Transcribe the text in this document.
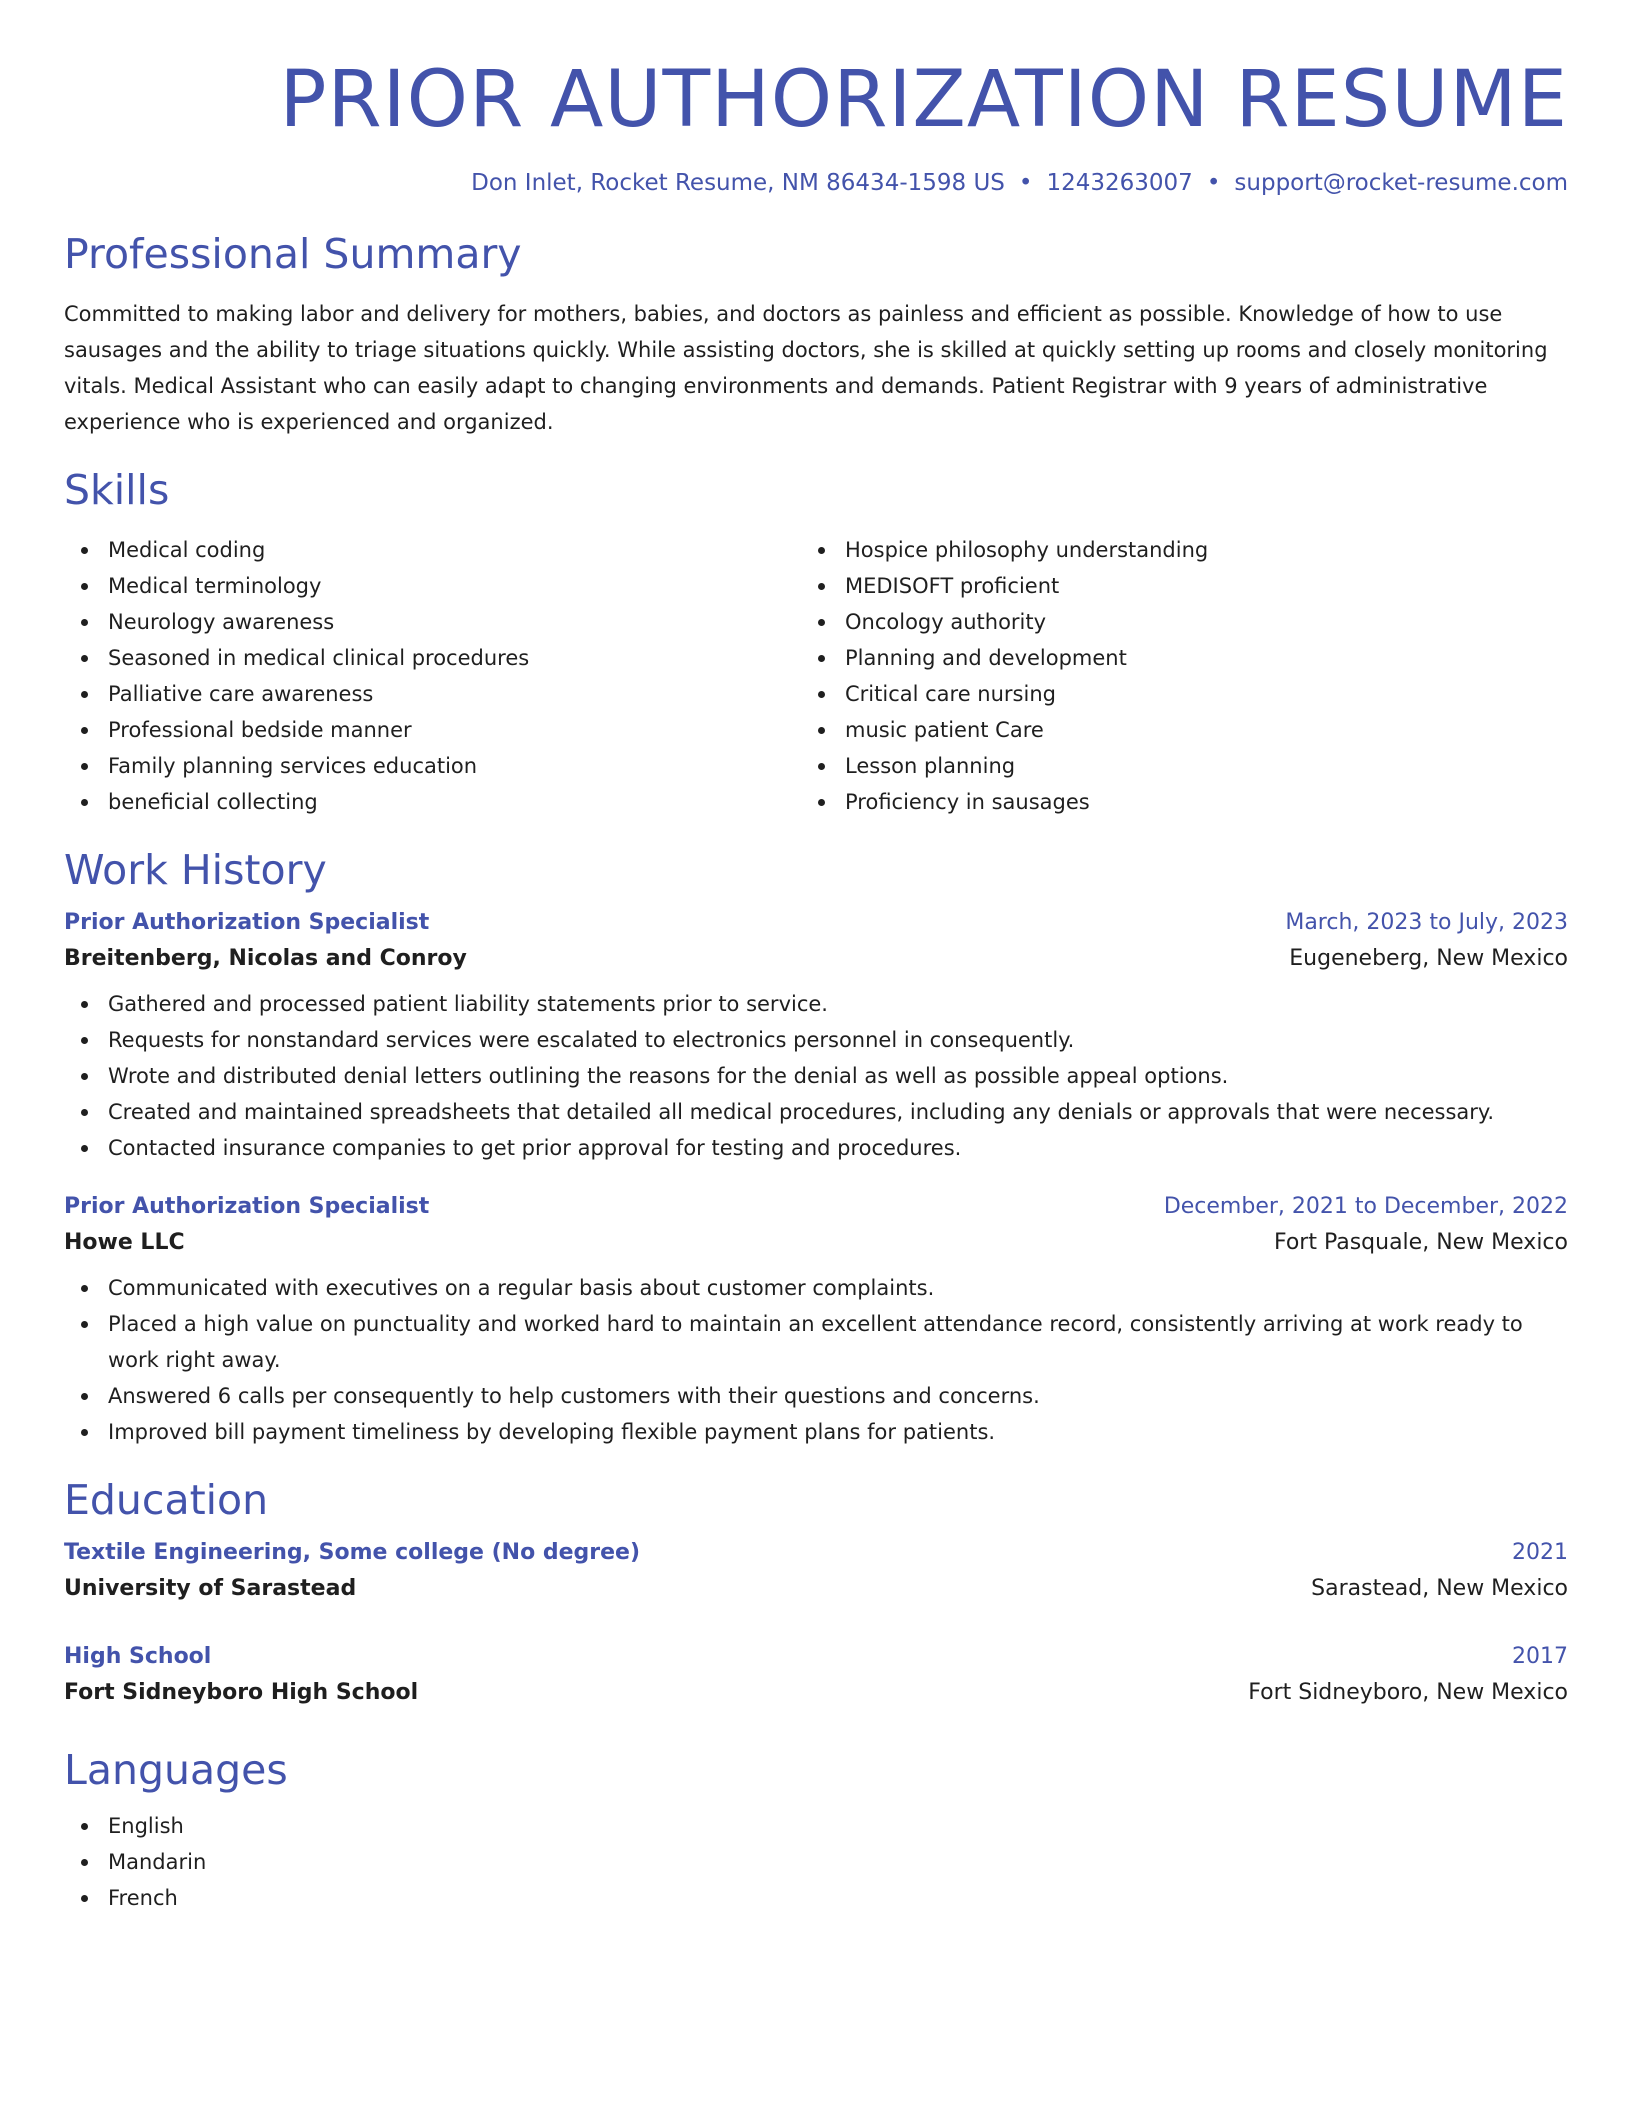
PRIOR AUTHORIZATION RESUME
Don Inlet, Rocket Resume, NM 86434-1598 US • 1243263007 • support@rocket-resume.com
Professional Summary
Committed to making labor and delivery for mothers, babies, and doctors as painless and efficient as possible. Knowledge of how to use sausages and the ability to triage situations quickly. While assisting doctors, she is skilled at quickly setting up rooms and closely monitoring vitals. Medical Assistant who can easily adapt to changing environments and demands. Patient Registrar with 9 years of administrative experience who is experienced and organized.
Skills
Medical coding
Medical terminology
Neurology awareness
Seasoned in medical clinical procedures
Palliative care awareness
Professional bedside manner
Family planning services education
beneficial collecting
Hospice philosophy understanding
MEDISOFT proficient
Oncology authority
Planning and development
Critical care nursing
music patient Care
Lesson planning
Proficiency in sausages
Work History
Prior Authorization Specialist	March, 2023 to July, 2023
Breitenberg, Nicolas and Conroy	Eugeneberg, New Mexico
Gathered and processed patient liability statements prior to service.
Requests for nonstandard services were escalated to electronics personnel in consequently.
Wrote and distributed denial letters outlining the reasons for the denial as well as possible appeal options.
Created and maintained spreadsheets that detailed all medical procedures, including any denials or approvals that were necessary.
Contacted insurance companies to get prior approval for testing and procedures.
Prior Authorization Specialist	December, 2021 to December, 2022
Howe LLC	Fort Pasquale, New Mexico
Communicated with executives on a regular basis about customer complaints.
Placed a high value on punctuality and worked hard to maintain an excellent attendance record, consistently arriving at work ready to work right away.
Answered 6 calls per consequently to help customers with their questions and concerns.
Improved bill payment timeliness by developing flexible payment plans for patients.
Education
Textile Engineering, Some college (No degree)	2021
University of Sarastead	Sarastead, New Mexico
High School	2017
Fort Sidneyboro High School	Fort Sidneyboro, New Mexico
Languages
English
Mandarin
French
